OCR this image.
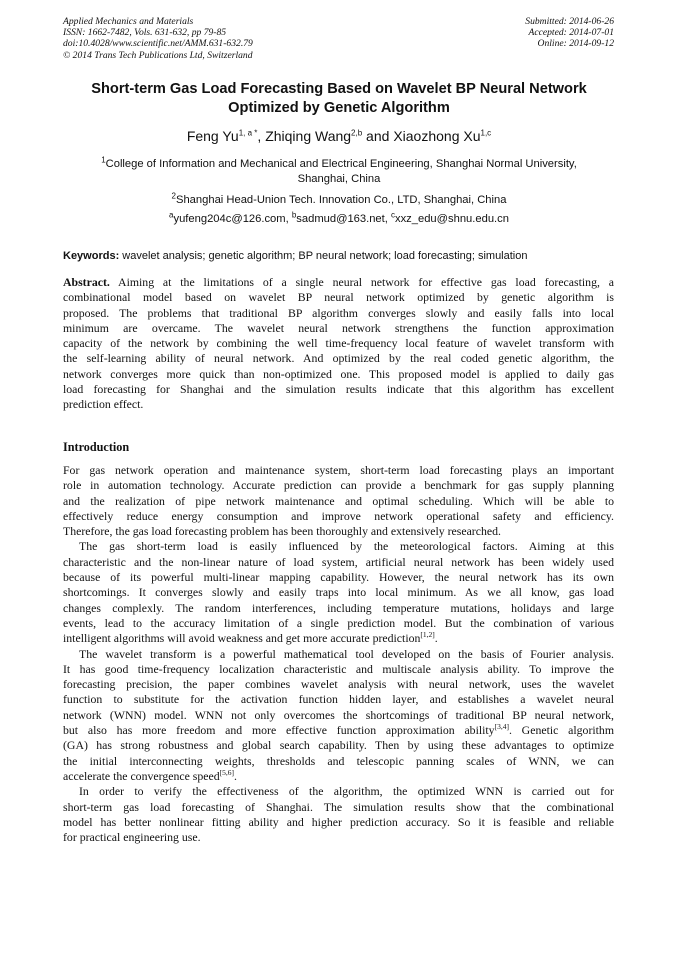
Applied Mechanics and Materials
ISSN: 1662-7482, Vols. 631-632, pp 79-85
doi:10.4028/www.scientific.net/AMM.631-632.79
© 2014 Trans Tech Publications Ltd, Switzerland
Submitted: 2014-06-26
Accepted: 2014-07-01
Online: 2014-09-12
Short-term Gas Load Forecasting Based on Wavelet BP Neural Network
Optimized by Genetic Algorithm
Feng $Yu^{1, a *}$, Zhiqing Wang$^{2,b}$ and Xiaozhong Xu$^{1,c}$
$^1$College of Information and Mechanical and Electrical Engineering, Shanghai Normal University,
Shanghai, China
$^2$Shanghai Head-Union Tech. Innovation Co., LTD, Shanghai, China
$^a$yufeng204c@126.com, $^b$sadmud@163.net, $^c$xxz_edu@shnu.edu.cn
Keywords: wavelet analysis; genetic algorithm; BP neural network; load forecasting; simulation
Abstract. Aiming at the limitations of a single neural network for effective gas load forecasting, a
combinational model based on wavelet BP neural network optimized by genetic algorithm is
proposed. The problems that traditional BP algorithm converges slowly and easily falls into local
minimum are overcame. The wavelet neural network strengthens the function approximation
capacity of the network by combining the well time-frequency local feature of wavelet transform with
the self-learning ability of neural network. And optimized by the real coded genetic algorithm, the
network converges more quick than non-optimized one. This proposed model is applied to daily gas
load forecasting for Shanghai and the simulation results indicate that this algorithm has excellent
prediction effect.
Introduction
For gas network operation and maintenance system, short-term load forecasting plays an important
role in automation technology. Accurate prediction can provide a benchmark for gas supply planning
and the realization of pipe network maintenance and optimal scheduling. Which will be able to
effectively reduce energy consumption and improve network operational safety and efficiency.
Therefore, the gas load forecasting problem has been thoroughly and extensively researched.
The gas short-term load is easily influenced by the meteorological factors. Aiming at this
characteristic and the non-linear nature of load system, artificial neural network has been widely used
because of its powerful multi-linear mapping capability. However, the neural network has its own
shortcomings. It converges slowly and easily traps into local minimum. As we all know, gas load
changes complexly. The random interferences, including temperature mutations, holidays and large
events, lead to the accuracy limitation of a single prediction model. But the combination of various
intelligent algorithms will avoid weakness and get more accurate prediction[1,2].
The wavelet transform is a powerful mathematical tool developed on the basis of Fourier analysis.
It has good time-frequency localization characteristic and multiscale analysis ability. To improve the
forecasting precision, the paper combines wavelet analysis with neural network, uses the wavelet
function to substitute for the activation function hidden layer, and establishes a wavelet neural
network (WNN) model. WNN not only overcomes the shortcomings of traditional BP neural network,
but also has more freedom and more effective function approximation ability[3,4]. Genetic algorithm
(GA) has strong robustness and global search capability. Then by using these advantages to optimize
the initial interconnecting weights, thresholds and telescopic panning scales of WNN, we can
accelerate the convergence speed[5,6].
In order to verify the effectiveness of the algorithm, the optimized WNN is carried out for
short-term gas load forecasting of Shanghai. The simulation results show that the combinational
model has better nonlinear fitting ability and higher prediction accuracy. So it is feasible and reliable
for practical engineering use.
